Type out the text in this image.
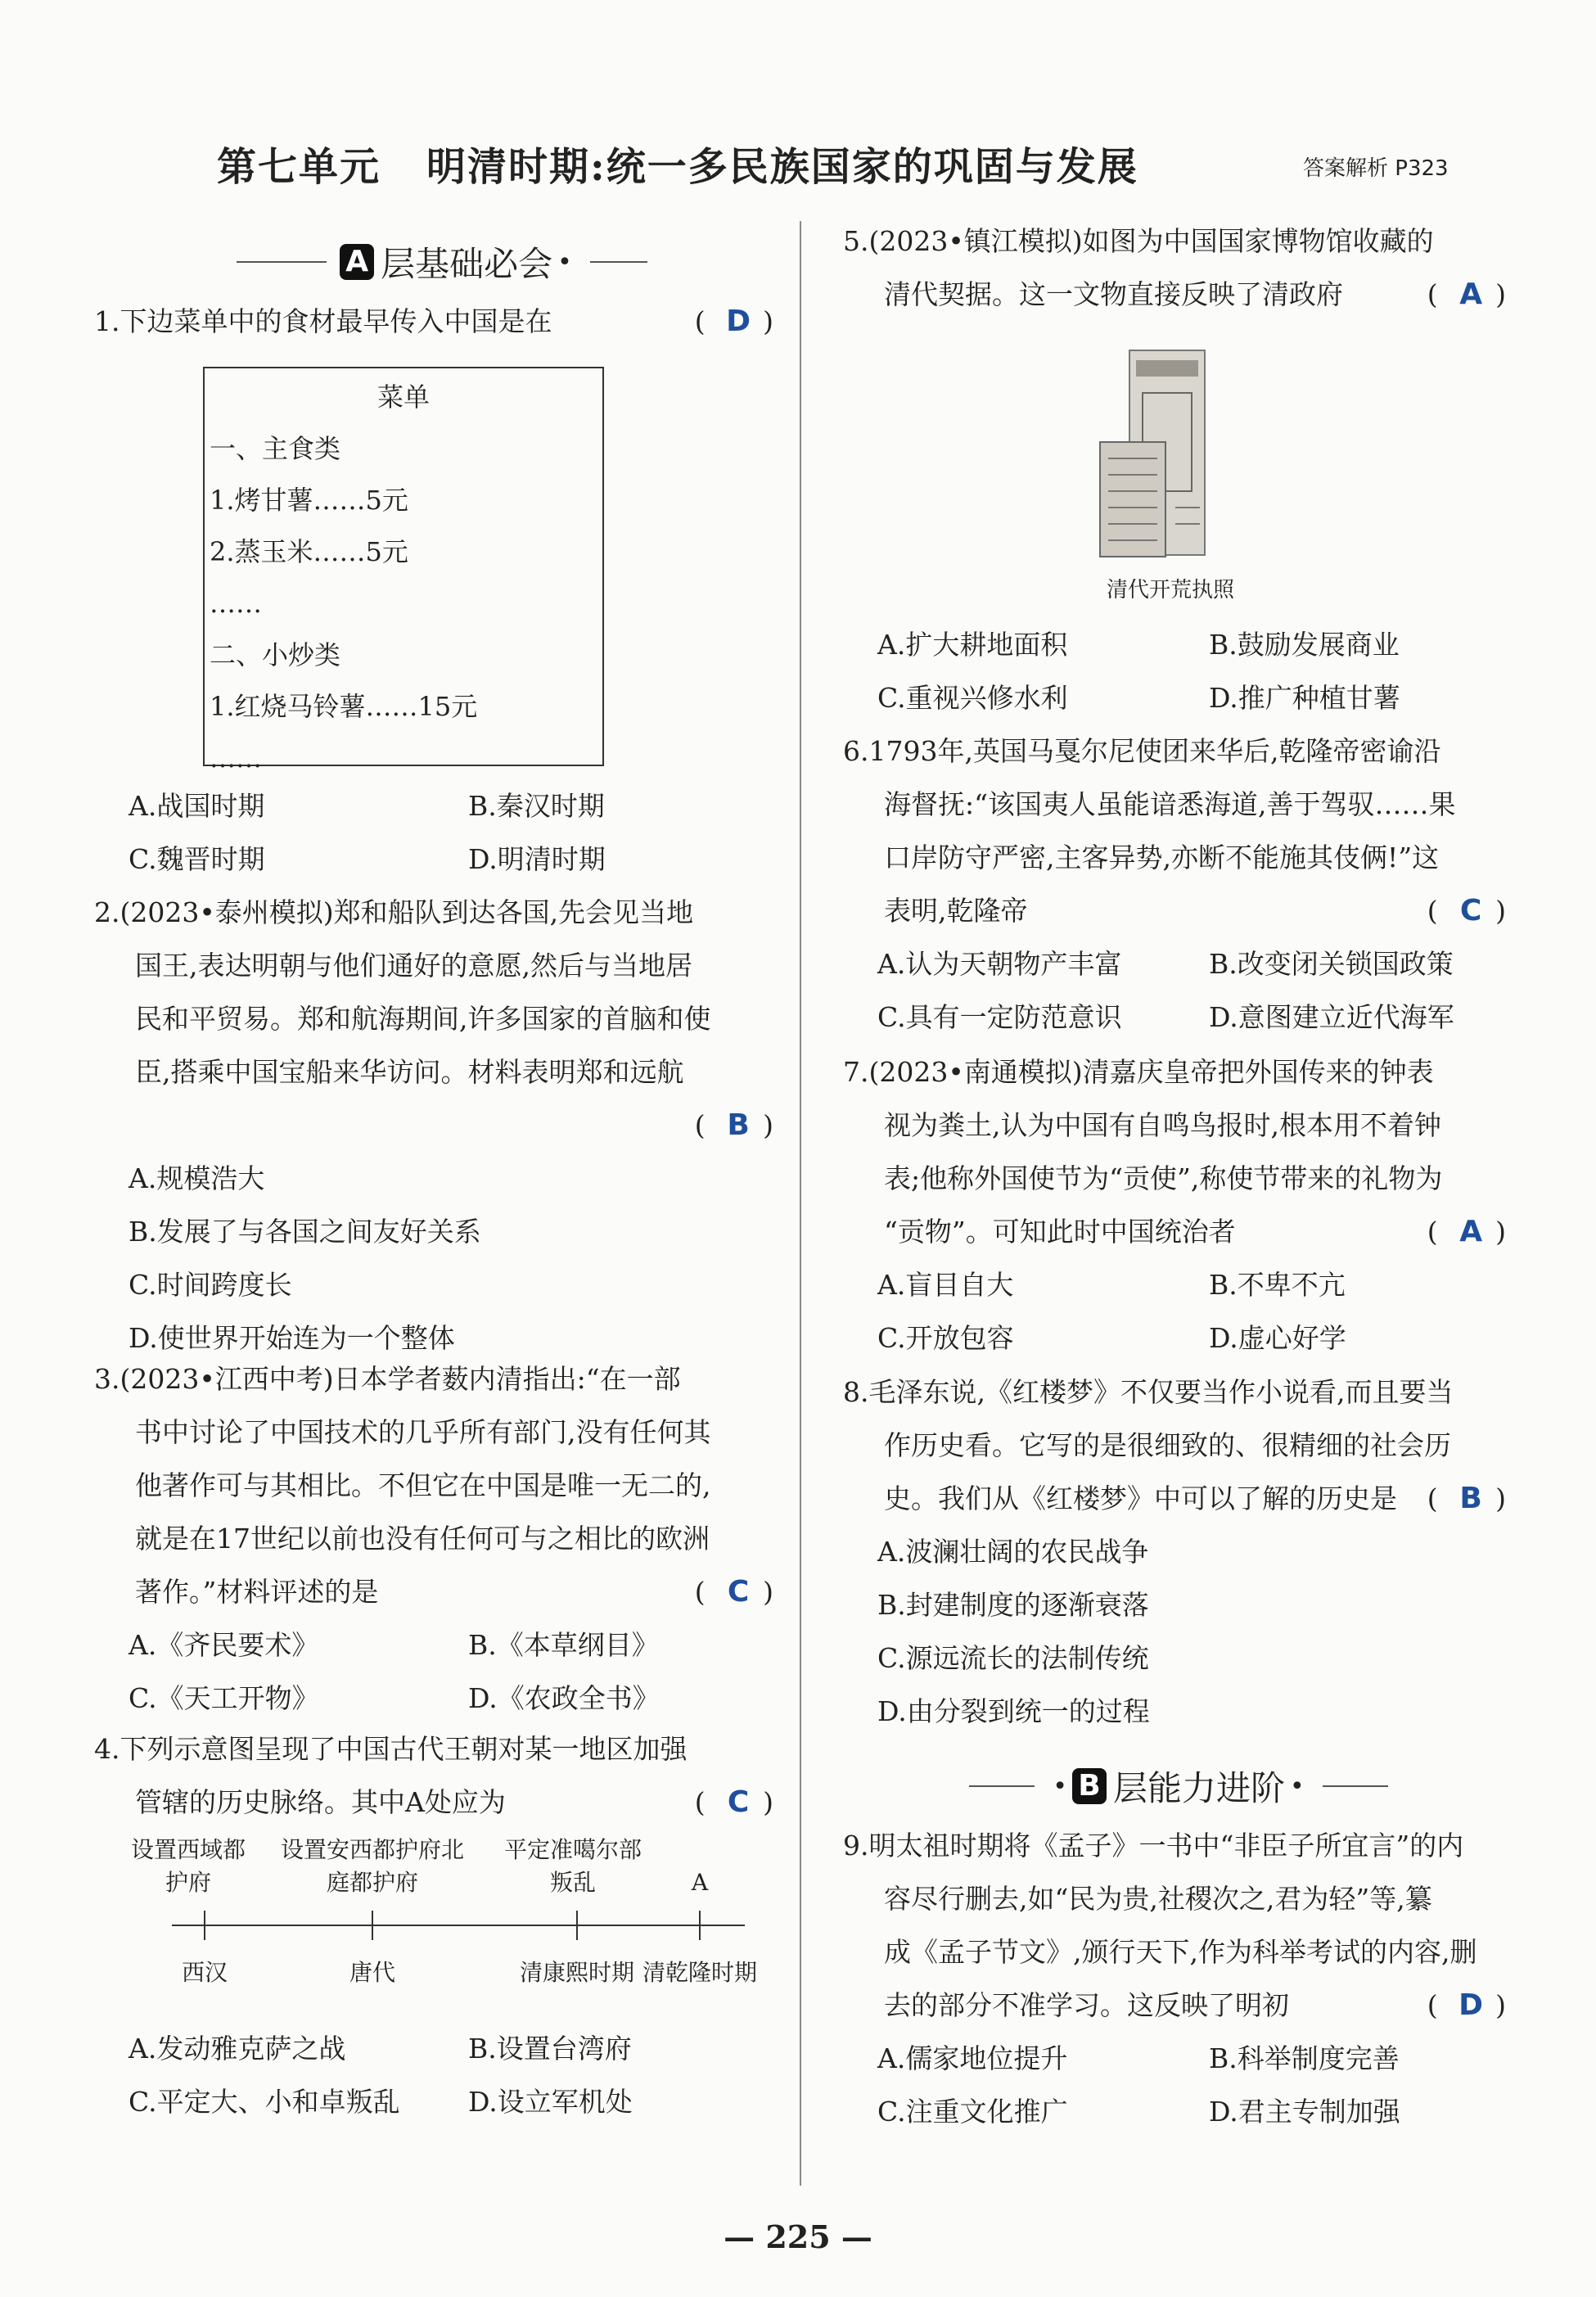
第七单元 明清时期:统一多民族国家的巩固与发展	答案解析 P323
A 层基础必会 •

1.下边菜单中的食材最早传入中国是在	( D )
菜单
一、主食类
1.烤甘薯……5元
2.蒸玉米……5元
……
二、小炒类
1.红烧马铃薯……15元
……
A.战国时期	B.秦汉时期
C.魏晋时期	D.明清时期

2.(2023•泰州模拟)郑和船队到达各国,先会见当地

国王,表达明朝与他们通好的意愿,然后与当地居

民和平贸易。郑和航海期间,许多国家的首脑和使

臣,搭乘中国宝船来华访问。材料表明郑和远航

( B )

A.规模浩大

B.发展了与各国之间友好关系

C.时间跨度长

D.使世界开始连为一个整体

3.(2023•江西中考)日本学者薮内清指出:“在一部

书中讨论了中国技术的几乎所有部门,没有任何其

他著作可与其相比。不但它在中国是唯一无二的,

就是在17世纪以前也没有任何可与之相比的欧洲

著作。”材料评述的是	( C )
A.《齐民要术》	B.《本草纲目》
C.《天工开物》	D.《农政全书》

4.下列示意图呈现了中国古代王朝对某一地区加强

管辖的历史脉络。其中A处应为	( C )
设置西域都护府
设置安西都护府北庭都护府
平定准噶尔部叛乱	A
西汉	唐代	清康熙时期 清乾隆时期
A.发动雅克萨之战	B.设置台湾府
C.平定大、小和卓叛乱	D.设立军机处

5.(2023•镇江模拟)如图为中国国家博物馆收藏的

清代契据。这一文物直接反映了清政府	( A )
清代开荒执照
A.扩大耕地面积	B.鼓励发展商业
C.重视兴修水利	D.推广种植甘薯

6.1793年,英国马戛尔尼使团来华后,乾隆帝密谕沿

海督抚:“该国夷人虽能谙悉海道,善于驾驭……果

口岸防守严密,主客异势,亦断不能施其伎俩!”这

表明,乾隆帝	( C )
A.认为天朝物产丰富	B.改变闭关锁国政策
C.具有一定防范意识	D.意图建立近代海军

7.(2023•南通模拟)清嘉庆皇帝把外国传来的钟表

视为粪土,认为中国有自鸣鸟报时,根本用不着钟

表;他称外国使节为“贡使”,称使节带来的礼物为

“贡物”。可知此时中国统治者	( A )
A.盲目自大	B.不卑不亢
C.开放包容	D.虚心好学

8.毛泽东说,《红楼梦》不仅要当作小说看,而且要当

作历史看。它写的是很细致的、很精细的社会历

史。我们从《红楼梦》中可以了解的历史是	( B )

A.波澜壮阔的农民战争

B.封建制度的逐渐衰落

C.源远流长的法制传统

D.由分裂到统一的过程

• B 层能力进阶 •

9.明太祖时期将《孟子》一书中“非臣子所宜言”的内

容尽行删去,如“民为贵,社稷次之,君为轻”等,纂

成《孟子节文》,颁行天下,作为科举考试的内容,删

去的部分不准学习。这反映了明初	( D )
A.儒家地位提升	B.科举制度完善
C.注重文化推广	D.君主专制加强
— 225 —
